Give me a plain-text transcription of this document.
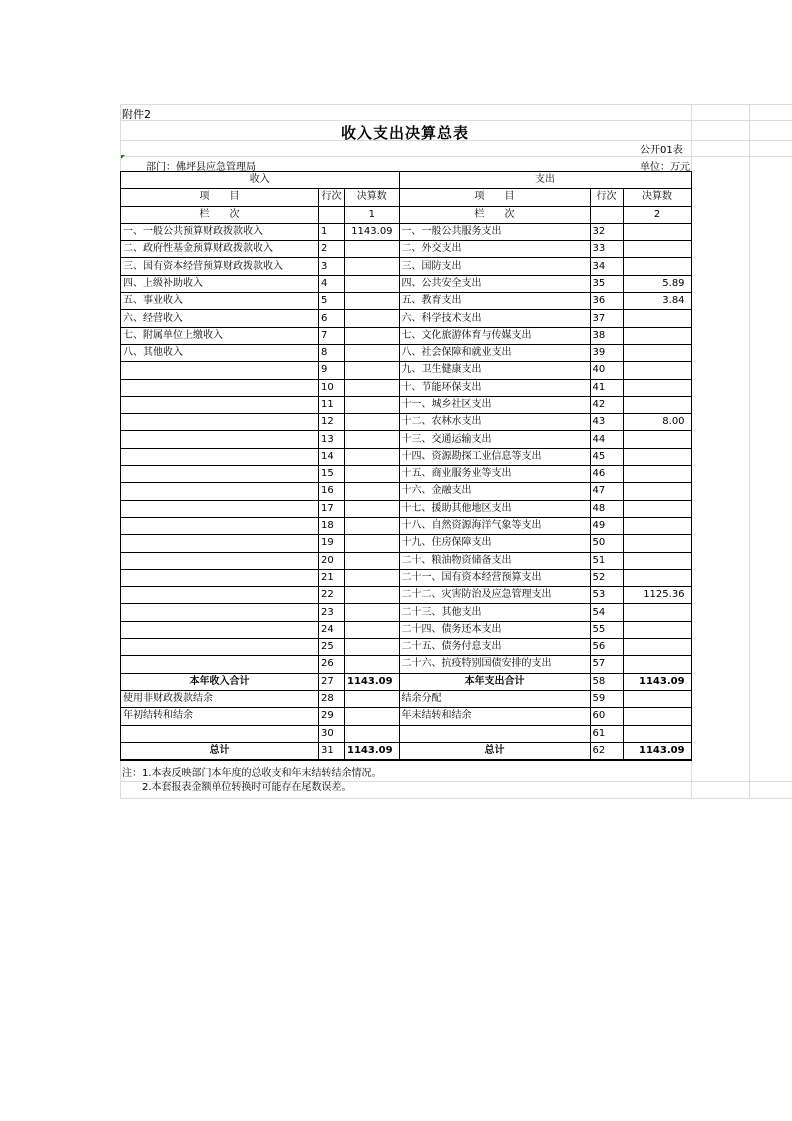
附件2
收入支出决算总表
公开01表
部门：佛坪县应急管理局	单位：万元
收入			支出		
项　　目	行次	决算数	项　　目	行次	决算数
栏　　次		1	栏　　次		2
一、一般公共预算财政拨款收入	1	1143.09	一、一般公共服务支出	32	
二、政府性基金预算财政拨款收入	2		二、外交支出	33	
三、国有资本经营预算财政拨款收入	3		三、国防支出	34	
四、上级补助收入	4		四、公共安全支出	35	5.89
五、事业收入	5		五、教育支出	36	3.84
六、经营收入	6		六、科学技术支出	37	
七、附属单位上缴收入	7		七、文化旅游体育与传媒支出	38	
八、其他收入	8		八、社会保障和就业支出	39	
	9		九、卫生健康支出	40	
	10		十、节能环保支出	41	
	11		十一、城乡社区支出	42	
	12		十二、农林水支出	43	8.00
	13		十三、交通运输支出	44	
	14		十四、资源勘探工业信息等支出	45	
	15		十五、商业服务业等支出	46	
	16		十六、金融支出	47	
	17		十七、援助其他地区支出	48	
	18		十八、自然资源海洋气象等支出	49	
	19		十九、住房保障支出	50	
	20		二十、粮油物资储备支出	51	
	21		二十一、国有资本经营预算支出	52	
	22		二十二、灾害防治及应急管理支出	53	1125.36
	23		二十三、其他支出	54	
	24		二十四、债务还本支出	55	
	25		二十五、债务付息支出	56	
	26		二十六、抗疫特别国债安排的支出	57	
本年收入合计	27	1143.09	本年支出合计	58	1143.09
使用非财政拨款结余	28		结余分配	59	
年初结转和结余	29		年末结转和结余	60	
	30			61	
总计	31	1143.09	总计	62	1143.09
注：1.本表反映部门本年度的总收支和年末结转结余情况。
　　2.本套报表金额单位转换时可能存在尾数误差。
